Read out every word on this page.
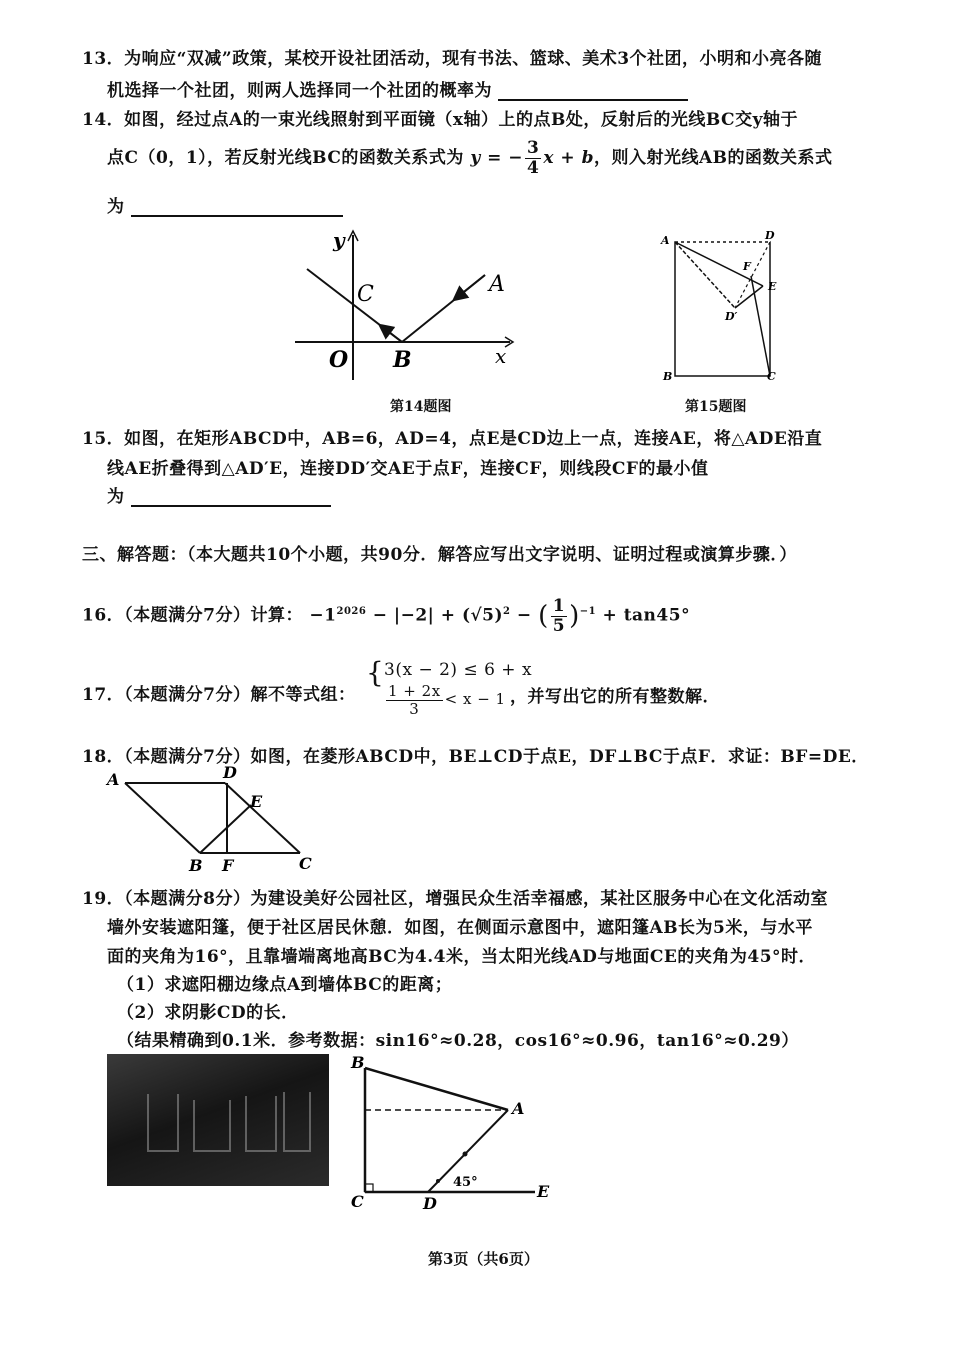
13．为响应“双减”政策，某校开设社团活动，现有书法、篮球、美术3个社团，小明和小亮各随
机选择一个社团，则两人选择同一个社团的概率为
14．如图，经过点A的一束光线照射到平面镜（x轴）上的点B处，反射后的光线BC交y轴于
点C（0，1），若反射光线BC的函数关系式为 y = − $\frac{3}{4}$ x + b，则入射光线AB的函数关系式
为
y
C	A
O B	x
第14题图
A	D
F
E
D′
B	C
第15题图
15．如图，在矩形ABCD中，AB=6，AD=4，点E是CD边上一点，连接AE，将△ADE沿直
线AE折叠得到△AD′E，连接DD′交AE于点F，连接CF，则线段CF的最小值
为
三、解答题：（本大题共10个小题，共90分．解答应写出文字说明、证明过程或演算步骤．）
16．（本题满分7分）计算： $-1^{2026} - |-2| + (√5)^2$ − ( $\frac{1}{5} )^{-1} + \tan 45^\circ$
17．（本题满分7分）解不等式组：
{ 3(x − 2) ≤ 6 + x
$\frac{1 + 2x}{3} < x - 1$ ，并写出它的所有整数解．
18．（本题满分7分）如图，在菱形ABCD中，BE⊥CD于点E，DF⊥BC于点F．求证：BF=DE．
A	D
E
B F	C
19．（本题满分8分）为建设美好公园社区，增强民众生活幸福感，某社区服务中心在文化活动室
墙外安装遮阳篷，便于社区居民休憩．如图，在侧面示意图中，遮阳篷AB长为5米，与水平
面的夹角为16°，且靠墙端离地高BC为4.4米，当太阳光线AD与地面CE的夹角为45°时．
（1）求遮阳棚边缘点A到墙体BC的距离；
（2）求阴影CD的长．
（结果精确到0.1米．参考数据：sin16°≈0.28，cos16°≈0.96，tan16°≈0.29）
B
A
C	D
E
45°
第3页（共6页）
